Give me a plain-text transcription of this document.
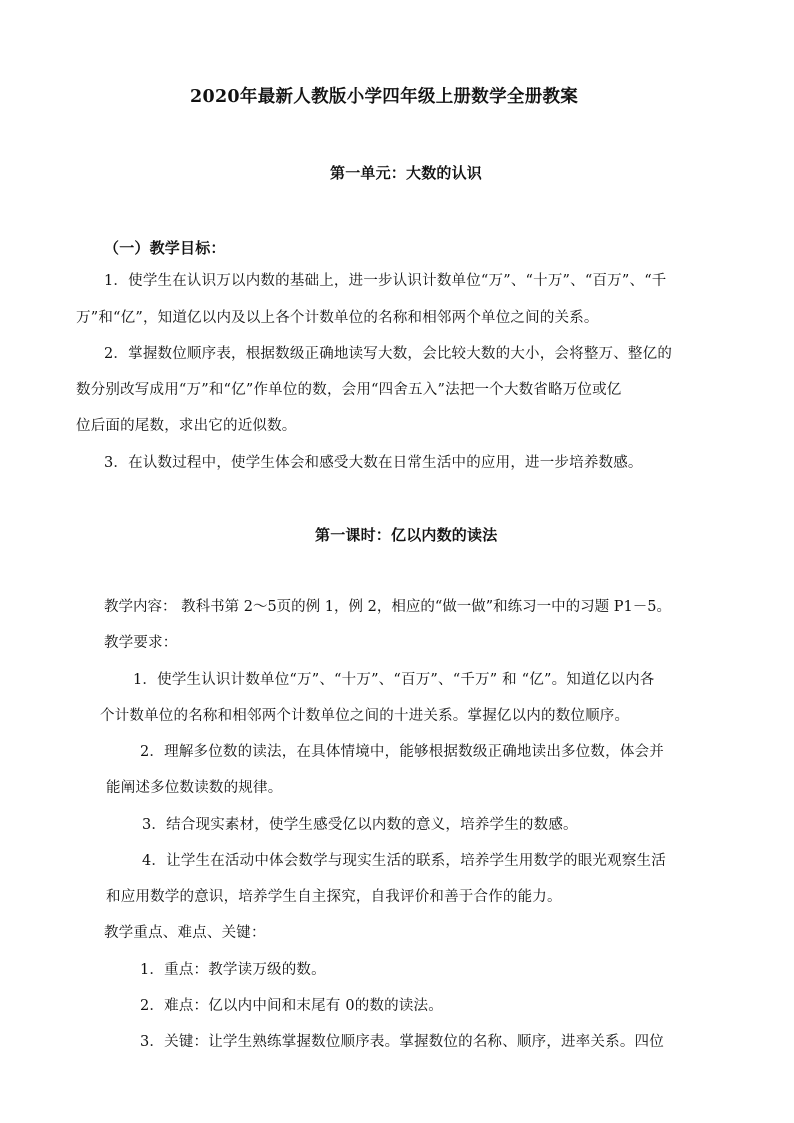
2020年最新人教版小学四年级上册数学全册教案
第一单元：大数的认识
（一）教学目标：
1．使学生在认识万以内数的基础上，进一步认识计数单位“万”、“十万”、“百万”、“千
万”和“亿”，知道亿以内及以上各个计数单位的名称和相邻两个单位之间的关系。
2．掌握数位顺序表，根据数级正确地读写大数，会比较大数的大小，会将整万、整亿的
数分别改写成用“万”和“亿”作单位的数，会用“四舍五入”法把一个大数省略万位或亿
位后面的尾数，求出它的近似数。
3．在认数过程中，使学生体会和感受大数在日常生活中的应用，进一步培养数感。
第一课时：亿以内数的读法
教学内容： 教科书第 2～5页的例 1，例 2，相应的“做一做”和练习一中的习题 P1－5。
教学要求：
1．使学生认识计数单位“万”、“十万”、“百万”、“千万” 和 “亿”。知道亿以内各
个计数单位的名称和相邻两个计数单位之间的十进关系。掌握亿以内的数位顺序。
2．理解多位数的读法，在具体情境中，能够根据数级正确地读出多位数，体会并
能阐述多位数读数的规律。
3．结合现实素材，使学生感受亿以内数的意义，培养学生的数感。
4．让学生在活动中体会数学与现实生活的联系，培养学生用数学的眼光观察生活
和应用数学的意识，培养学生自主探究，自我评价和善于合作的能力。
教学重点、难点、关键：
1．重点：教学读万级的数。
2．难点：亿以内中间和末尾有 0的数的读法。
3．关键：让学生熟练掌握数位顺序表。掌握数位的名称、顺序，进率关系。四位
